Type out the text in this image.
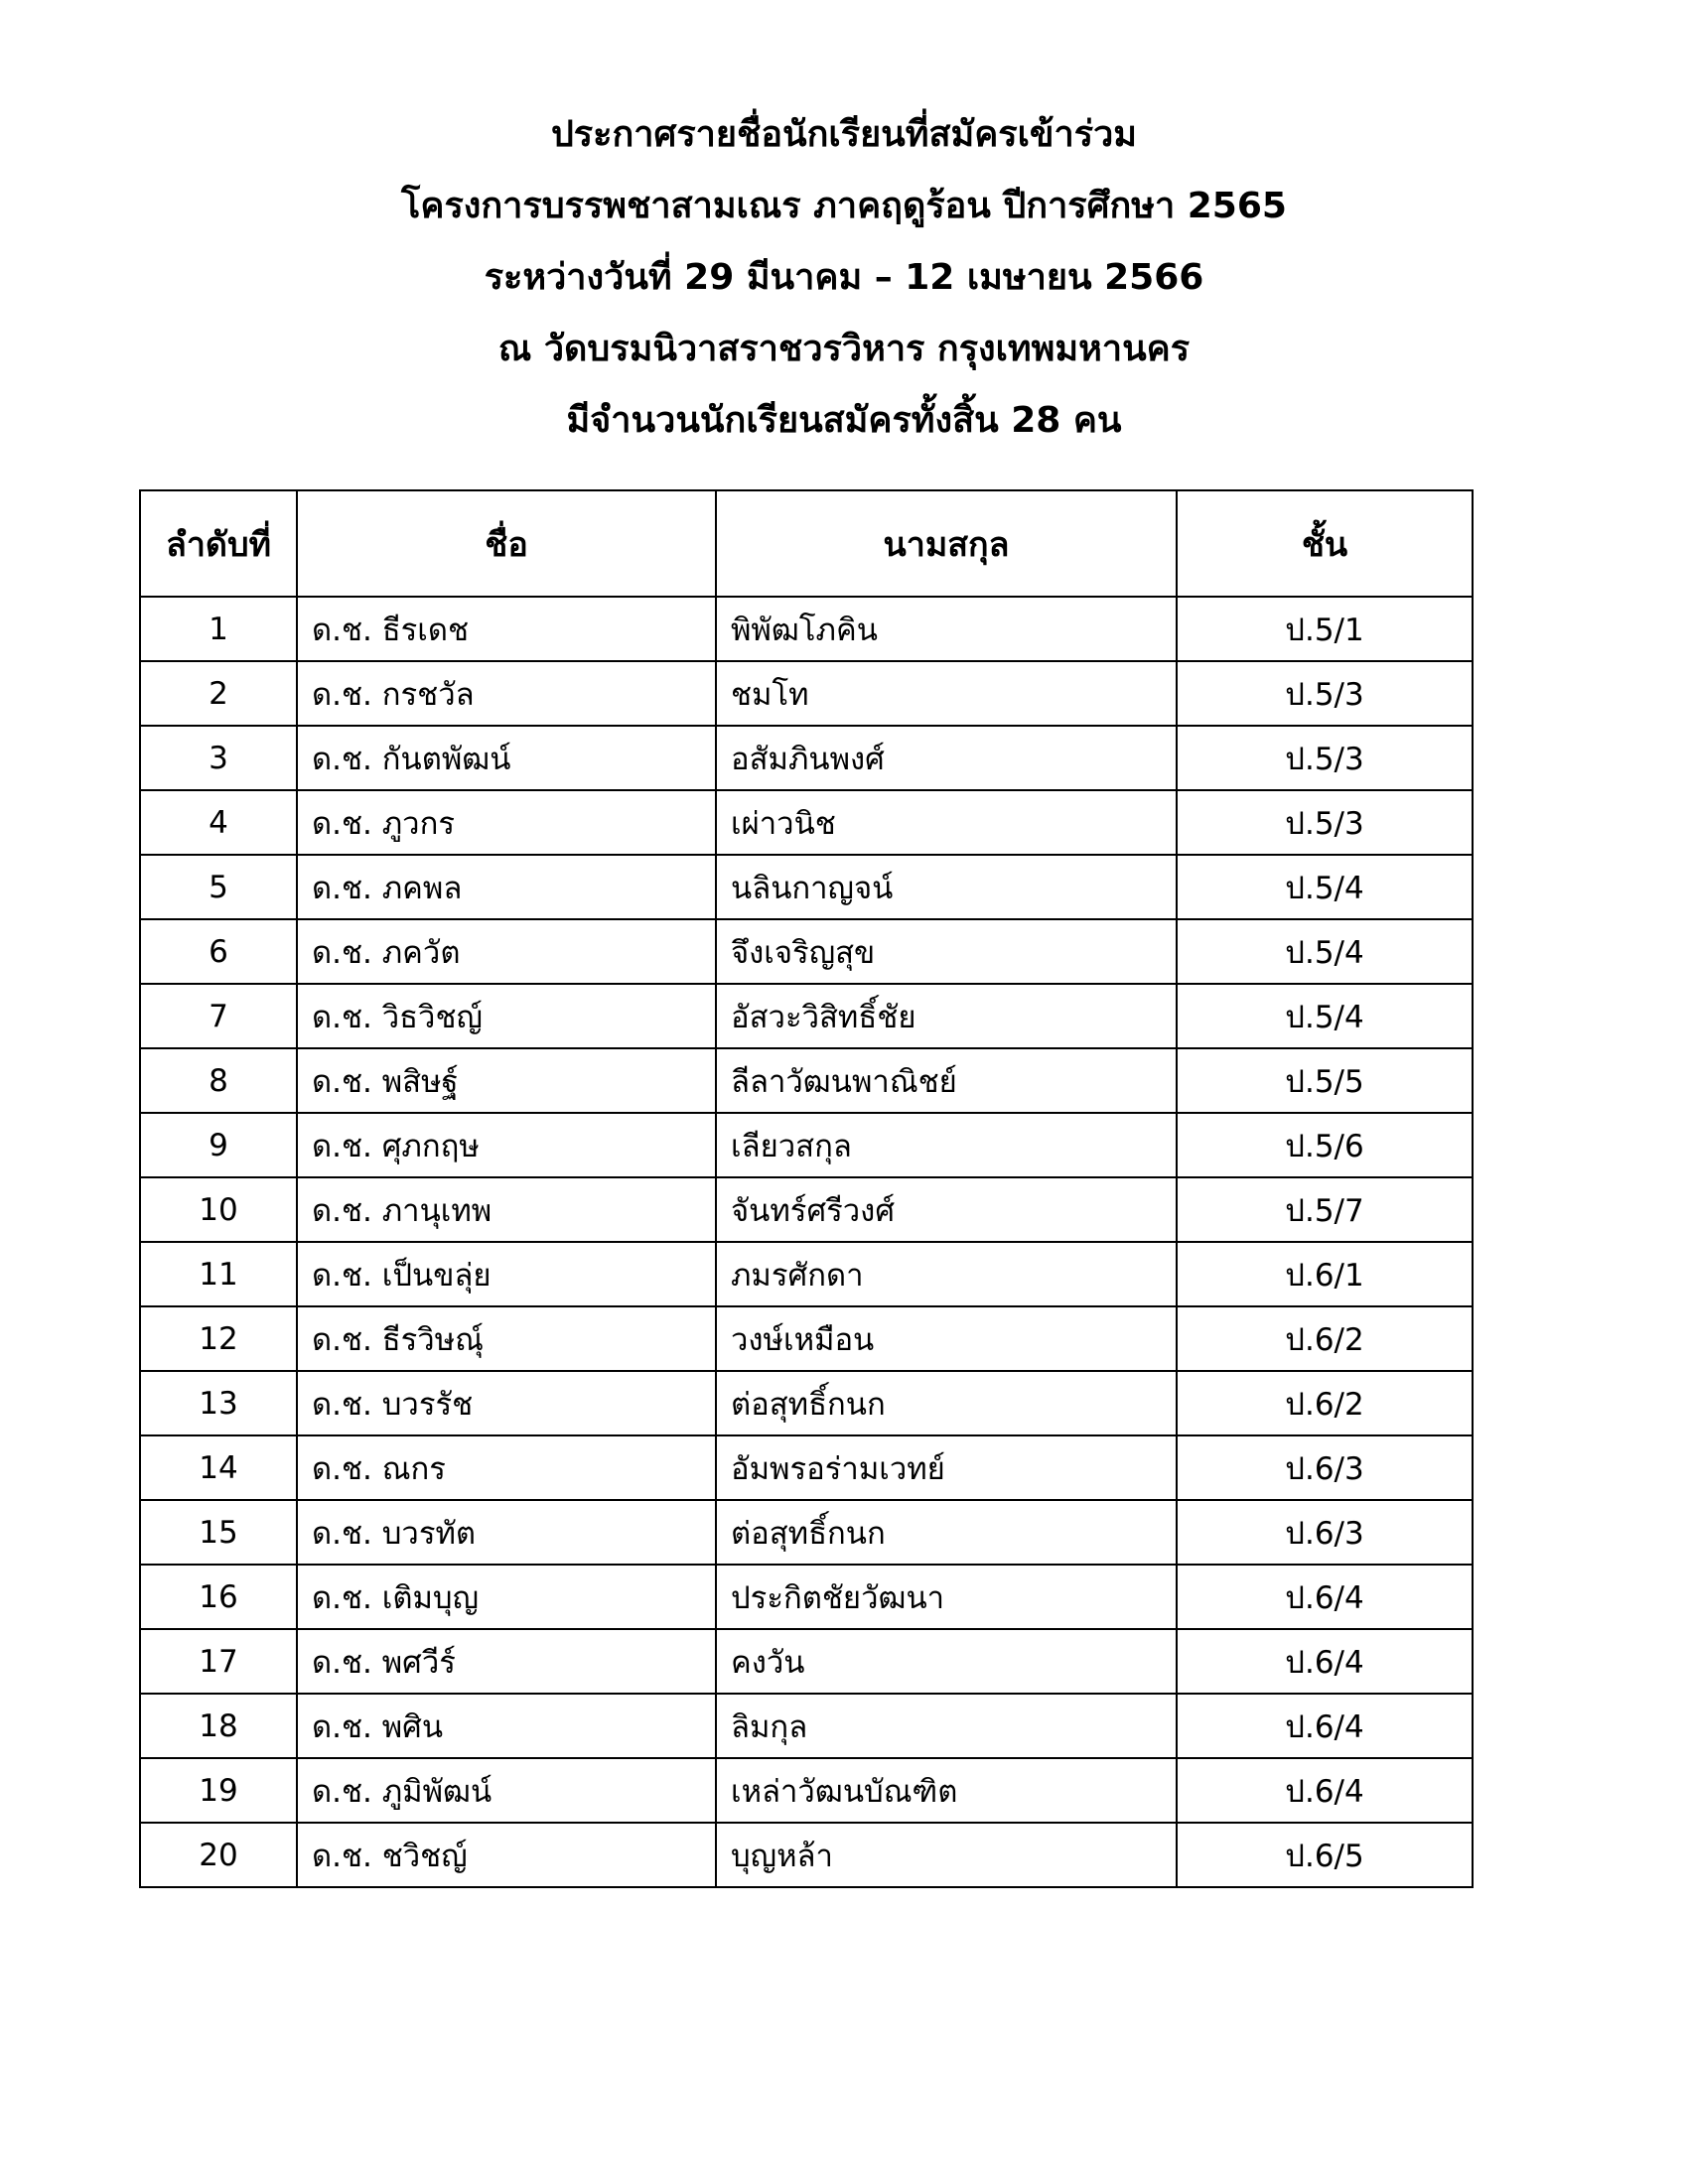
ประกาศรายชื่อนักเรียนที่สมัครเข้าร่วม
โครงการบรรพชาสามเณร ภาคฤดูร้อน ปีการศึกษา 2565
ระหว่างวันที่ 29 มีนาคม – 12 เมษายน 2566
ณ วัดบรมนิวาสราชวรวิหาร กรุงเทพมหานคร
มีจำนวนนักเรียนสมัครทั้งสิ้น 28 คน
ลำดับที่	ชื่อ	นามสกุล	ชั้น
1	ด.ช. ธีรเดช	พิพัฒโภคิน	ป.5/1
2	ด.ช. กรชวัล	ชมโท	ป.5/3
3	ด.ช. กันตพัฒน์	อสัมภินพงศ์	ป.5/3
4	ด.ช. ภูวกร	เผ่าวนิช	ป.5/3
5	ด.ช. ภคพล	นลินกาญจน์	ป.5/4
6	ด.ช. ภควัต	จึงเจริญสุข	ป.5/4
7	ด.ช. วิธวิชญ์	อัสวะวิสิทธิ์ชัย	ป.5/4
8	ด.ช. พสิษฐ์	ลีลาวัฒนพาณิชย์	ป.5/5
9	ด.ช. ศุภกฤษ	เลียวสกุล	ป.5/6
10	ด.ช. ภานุเทพ	จันทร์ศรีวงศ์	ป.5/7
11	ด.ช. เป็นขลุ่ย	ภมรศักดา	ป.6/1
12	ด.ช. ธีรวิษณุ์	วงษ์เหมือน	ป.6/2
13	ด.ช. บวรรัช	ต่อสุทธิ์กนก	ป.6/2
14	ด.ช. ณกร	อัมพรอร่ามเวทย์	ป.6/3
15	ด.ช. บวรทัต	ต่อสุทธิ์กนก	ป.6/3
16	ด.ช. เติมบุญ	ประกิตชัยวัฒนา	ป.6/4
17	ด.ช. พศวีร์	คงวัน	ป.6/4
18	ด.ช. พศิน	ลิมกุล	ป.6/4
19	ด.ช. ภูมิพัฒน์	เหล่าวัฒนบัณฑิต	ป.6/4
20	ด.ช. ชวิชญ์	บุญหล้า	ป.6/5
